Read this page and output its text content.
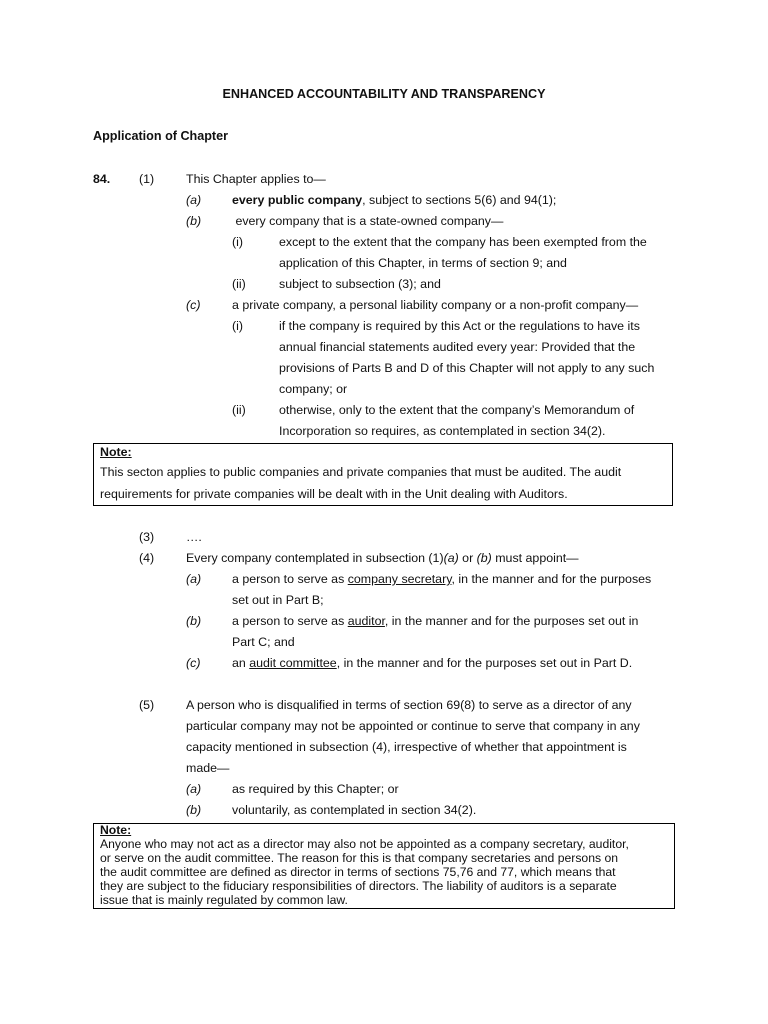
ENHANCED ACCOUNTABILITY AND TRANSPARENCY
Application of Chapter
84. (1)	This Chapter applies to—
(a) every public company, subject to sections 5(6) and 94(1);
(b) every company that is a state-owned company—
(i)	except to the extent that the company has been exempted from the
application of this Chapter, in terms of section 9; and
(ii)	subject to subsection (3); and
(c)	a private company, a personal liability company or a non-profit company—
(i)	if the company is required by this Act or the regulations to have its
annual financial statements audited every year: Provided that the
provisions of Parts B and D of this Chapter will not apply to any such
company; or
(ii)	otherwise, only to the extent that the company’s Memorandum of
Incorporation so requires, as contemplated in section 34(2).
Note:
This secton applies to public companies and private companies that must be audited. The audit
requirements for private companies will be dealt with in the Unit dealing with Auditors.
(3)	….
(4)	Every company contemplated in subsection (1)(a) or (b) must appoint—
(a) a person to serve as company secretary, in the manner and for the purposes
set out in Part B;
(b) a person to serve as auditor, in the manner and for the purposes set out in
Part C; and
(c)	an audit committee, in the manner and for the purposes set out in Part D.
(5)	A person who is disqualified in terms of section 69(8) to serve as a director of any
particular company may not be appointed or continue to serve that company in any
capacity mentioned in subsection (4), irrespective of whether that appointment is
made—
(a) as required by this Chapter; or
(b) voluntarily, as contemplated in section 34(2).
Note:
Anyone who may not act as a director may also not be appointed as a company secretary, auditor,
or serve on the audit committee. The reason for this is that company secretaries and persons on
the audit committee are defined as director in terms of sections 75,76 and 77, which means that
they are subject to the fiduciary responsibilities of directors. The liability of auditors is a separate
issue that is mainly regulated by common law.
